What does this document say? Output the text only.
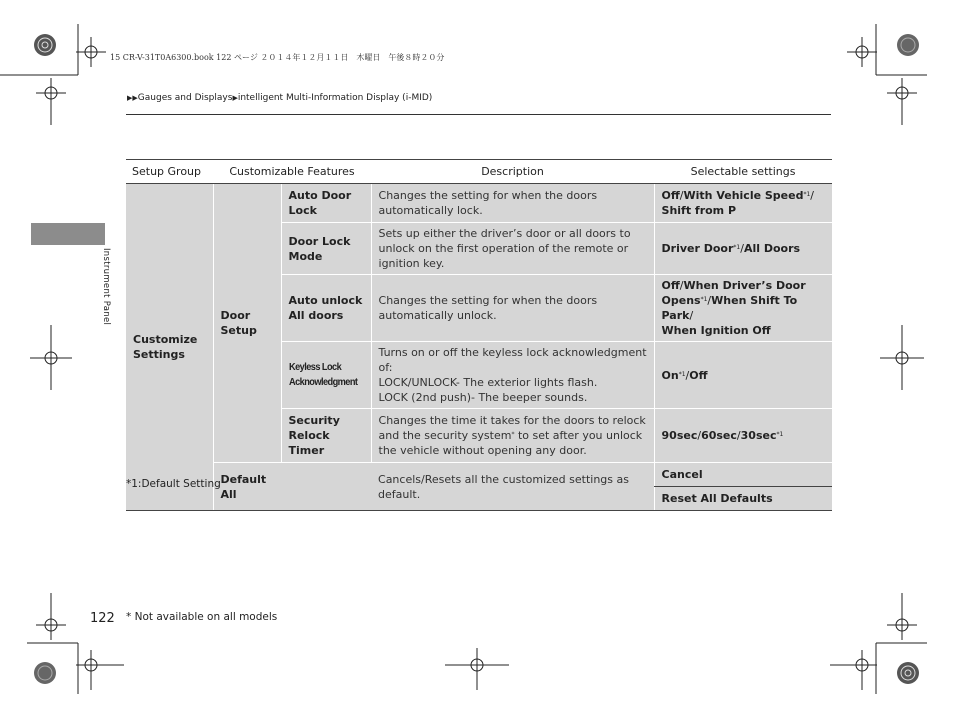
15 CR-V-31T0A6300.book 122 ページ ２０１４年１２月１１日　木曜日　午後８時２０分
▶▶Gauges and Displays▶intelligent Multi-Information Display (i-MID)
Instrument Panel
Setup Group	Customizable Features		Description	Selectable settings
Customize Settings	Door Setup	Auto Door Lock	Changes the setting for when the doors automatically lock.	Off/With Vehicle Speed$^{*1}$/
Shift from P
		Door Lock Mode	Sets up either the driver’s door or all doors to unlock on the first operation of the remote or ignition key.	Driver Door$^{*1}$/All Doors
		Auto unlock All doors	Changes the setting for when the doors automatically unlock.	Off/When Driver’s Door Opens$^{*1}$/When Shift To Park/
When Ignition Off
		Keyless Lock Acknowledgment	Turns on or off the keyless lock acknowledgment of:
LOCK/UNLOCK- The exterior lights flash.
LOCK (2nd push)- The beeper sounds.	On$^{*1}$/Off
		Security Relock Timer	Changes the time it takes for the doors to relock and the security system* to set after you unlock the vehicle without opening any door.	$90\sec/60\sec/30\sec^{*1}$
	Default All		Cancels/Resets all the customized settings as default.	Cancel
				Reset All Defaults
*1:Default Setting
122 * Not available on all models
